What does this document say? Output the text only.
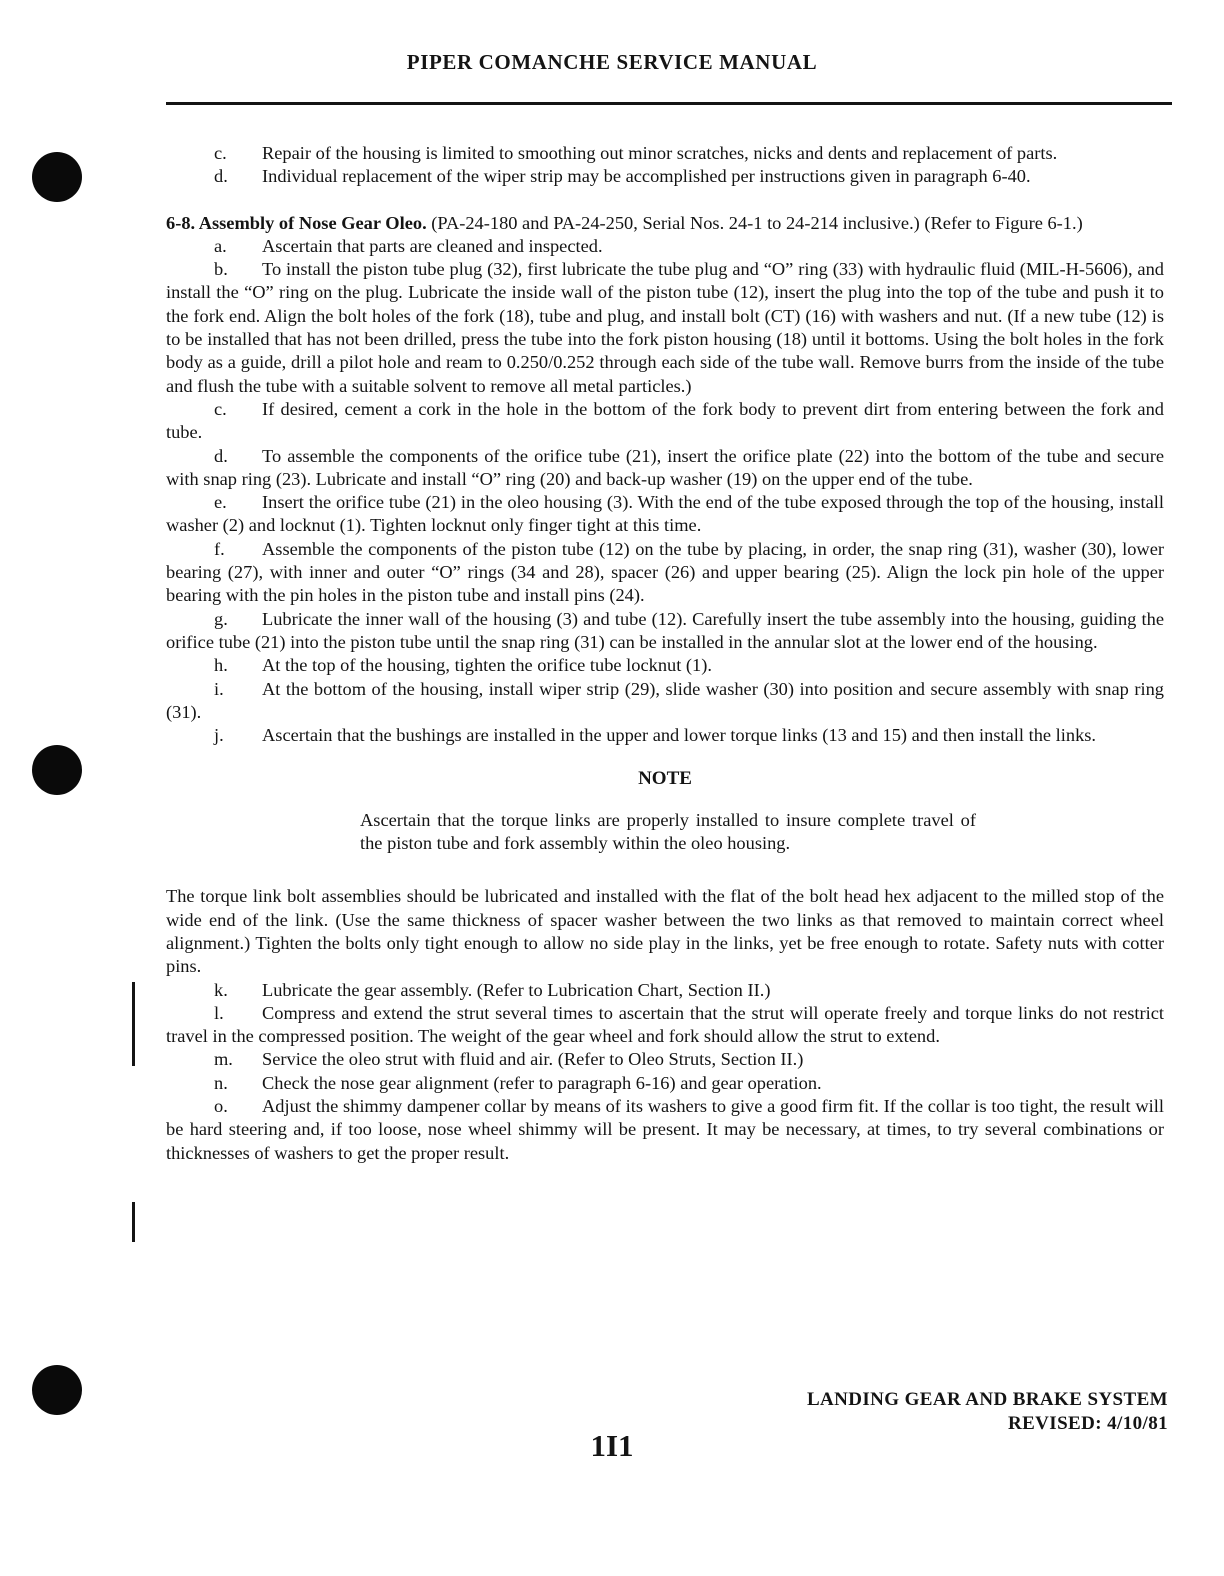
PIPER COMANCHE SERVICE MANUAL

c. Repair of the housing is limited to smoothing out minor scratches, nicks and dents and replacement of parts.

d. Individual replacement of the wiper strip may be accomplished per instructions given in paragraph 6-40.

6-8. Assembly of Nose Gear Oleo. (PA-24-180 and PA-24-250, Serial Nos. 24-1 to 24-214 inclusive.) (Refer to Figure 6-1.)

a. Ascertain that parts are cleaned and inspected.

b. To install the piston tube plug (32), first lubricate the tube plug and “O” ring (33) with hydraulic fluid (MIL-H-5606), and install the “O” ring on the plug. Lubricate the inside wall of the piston tube (12), insert the plug into the top of the tube and push it to the fork end. Align the bolt holes of the fork (18), tube and plug, and install bolt (CT) (16) with washers and nut. (If a new tube (12) is to be installed that has not been drilled, press the tube into the fork piston housing (18) until it bottoms. Using the bolt holes in the fork body as a guide, drill a pilot hole and ream to 0.250/0.252 through each side of the tube wall. Remove burrs from the inside of the tube and flush the tube with a suitable solvent to remove all metal particles.)

c. If desired, cement a cork in the hole in the bottom of the fork body to prevent dirt from entering between the fork and tube.

d. To assemble the components of the orifice tube (21), insert the orifice plate (22) into the bottom of the tube and secure with snap ring (23). Lubricate and install “O” ring (20) and back-up washer (19) on the upper end of the tube.

e. Insert the orifice tube (21) in the oleo housing (3). With the end of the tube exposed through the top of the housing, install washer (2) and locknut (1). Tighten locknut only finger tight at this time.

f. Assemble the components of the piston tube (12) on the tube by placing, in order, the snap ring (31), washer (30), lower bearing (27), with inner and outer “O” rings (34 and 28), spacer (26) and upper bearing (25). Align the lock pin hole of the upper bearing with the pin holes in the piston tube and install pins (24).

g. Lubricate the inner wall of the housing (3) and tube (12). Carefully insert the tube assembly into the housing, guiding the orifice tube (21) into the piston tube until the snap ring (31) can be installed in the annular slot at the lower end of the housing.

h. At the top of the housing, tighten the orifice tube locknut (1).

i. At the bottom of the housing, install wiper strip (29), slide washer (30) into position and secure assembly with snap ring (31).

j. Ascertain that the bushings are installed in the upper and lower torque links (13 and 15) and then install the links.

NOTE

Ascertain that the torque links are properly installed to insure complete travel of the piston tube and fork assembly within the oleo housing.

The torque link bolt assemblies should be lubricated and installed with the flat of the bolt head hex adjacent to the milled stop of the wide end of the link. (Use the same thickness of spacer washer between the two links as that removed to maintain correct wheel alignment.) Tighten the bolts only tight enough to allow no side play in the links, yet be free enough to rotate. Safety nuts with cotter pins.

k. Lubricate the gear assembly. (Refer to Lubrication Chart, Section II.)

l. Compress and extend the strut several times to ascertain that the strut will operate freely and torque links do not restrict travel in the compressed position. The weight of the gear wheel and fork should allow the strut to extend.

m. Service the oleo strut with fluid and air. (Refer to Oleo Struts, Section II.)

n. Check the nose gear alignment (refer to paragraph 6-16) and gear operation.

o. Adjust the shimmy dampener collar by means of its washers to give a good firm fit. If the collar is too tight, the result will be hard steering and, if too loose, nose wheel shimmy will be present. It may be necessary, at times, to try several combinations or thicknesses of washers to get the proper result.

LANDING GEAR AND BRAKE SYSTEM
REVISED: 4/10/81
1I1
